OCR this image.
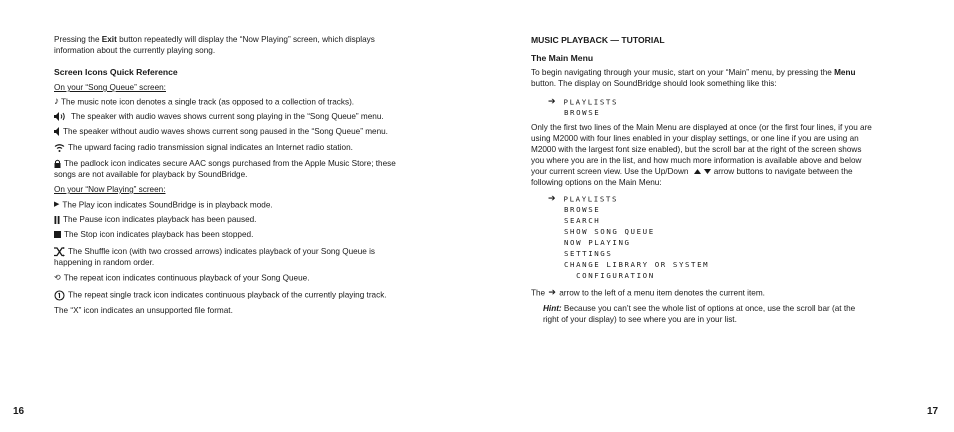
Pressing the Exit button repeatedly will display the “Now Playing” screen, which displays
information about the currently playing song.
Screen Icons Quick Reference
On your “Song Queue” screen:
♪ The music note icon denotes a single track (as opposed to a collection of tracks).
The speaker with audio waves shows current song playing in the “Song Queue” menu.
The speaker without audio waves shows current song paused in the “Song Queue” menu.
The upward facing radio transmission signal indicates an Internet radio station.
The padlock icon indicates secure AAC songs purchased from the Apple Music Store; these
songs are not available for playback by SoundBridge.
On your “Now Playing” screen:
▶ The Play icon indicates SoundBridge is in playback mode.
The Pause icon indicates playback has been paused.
The Stop icon indicates playback has been stopped.
The Shuffle icon (with two crossed arrows) indicates playback of your Song Queue is
happening in random order.
⟲ The repeat icon indicates continuous playback of your Song Queue.
The repeat single track icon indicates continuous playback of the currently playing track.
The “X” icon indicates an unsupported file format.
16
MUSIC PLAYBACK — TUTORIAL
The Main Menu
To begin navigating through your music, start on your “Main” menu, by pressing the Menu
button. The display on SoundBridge should look something like this:
➔ PLAYLISTS
BROWSE
Only the first two lines of the Main Menu are displayed at once (or the first four lines, if you are
using M2000 with four lines enabled in your display settings, or one line if you are using an
M2000 with the largest font size enabled), but the scroll bar at the right of the screen shows
you where you are in the list, and how much more information is available above and below
your current screen view. Use the Up/Down	arrow buttons to navigate between the
following options on the Main Menu:
➔ PLAYLISTS
BROWSE
SEARCH
SHOW SONG QUEUE
NOW PLAYING
SETTINGS
CHANGE LIBRARY OR SYSTEM
CONFIGURATION
The ➔ arrow to the left of a menu item denotes the current item.
Hint: Because you can’t see the whole list of options at once, use the scroll bar (at the
right of your display) to see where you are in your list.
17
